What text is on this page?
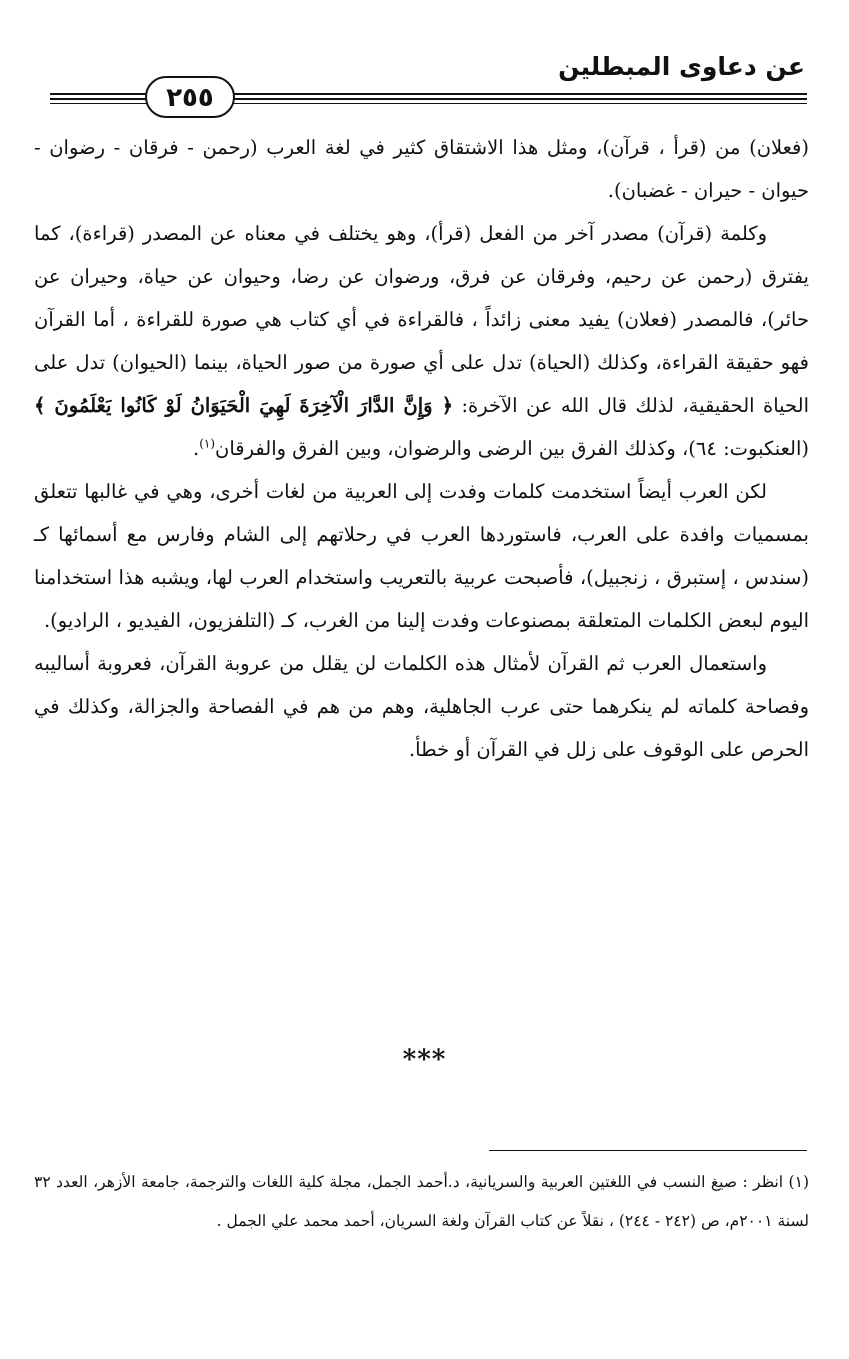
عن دعاوى المبطلين
٢٥٥

(فعلان) من (قرأ ، قرآن)، ومثل هذا الاشتقاق كثير في لغة العرب (رحمن - فرقان - رضوان - حيوان - حيران - غضبان).

وكلمة (قرآن) مصدر آخر من الفعل (قرأ)، وهو يختلف في معناه عن المصدر (قراءة)، كما يفترق (رحمن عن رحيم، وفرقان عن فرق، ورضوان عن رضا، وحيوان عن حياة، وحيران عن حائر)، فالمصدر (فعلان) يفيد معنى زائداً ، فالقراءة في أي كتاب هي صورة للقراءة ، أما القرآن فهو حقيقة القراءة، وكذلك (الحياة) تدل على أي صورة من صور الحياة، بينما (الحيوان) تدل على الحياة الحقيقية، لذلك قال الله عن الآخرة: ﴿ وَإِنَّ الدَّارَ الْآخِرَةَ لَهِيَ الْحَيَوَانُ لَوْ كَانُوا يَعْلَمُونَ ﴾ (العنكبوت: ٦٤)، وكذلك الفرق بين الرضى والرضوان، وبين الفرق والفرقان$^{(١)}$.

لكن العرب أيضاً استخدمت كلمات وفدت إلى العربية من لغات أخرى، وهي في غالبها تتعلق بمسميات وافدة على العرب، فاستوردها العرب في رحلاتهم إلى الشام وفارس مع أسمائها كـ (سندس ، إستبرق ، زنجبيل)، فأصبحت عربية بالتعريب واستخدام العرب لها، ويشبه هذا استخدامنا اليوم لبعض الكلمات المتعلقة بمصنوعات وفدت إلينا من الغرب، كـ (التلفزيون، الفيديو ، الراديو).

واستعمال العرب ثم القرآن لأمثال هذه الكلمات لن يقلل من عروبة القرآن، فعروبة أساليبه وفصاحة كلماته لم ينكرهما حتى عرب الجاهلية، وهم من هم في الفصاحة والجزالة، وكذلك في الحرص على الوقوف على زلل في القرآن أو خطأ.

***

(١) انظر : صيغ النسب في اللغتين العربية والسريانية، د.أحمد الجمل، مجلة كلية اللغات والترجمة، جامعة الأزهر، العدد ٣٢ لسنة ٢٠٠١م، ص (٢٤٢ - ٢٤٤) ، نقلاً عن كتاب القرآن ولغة السريان، أحمد محمد علي الجمل .
